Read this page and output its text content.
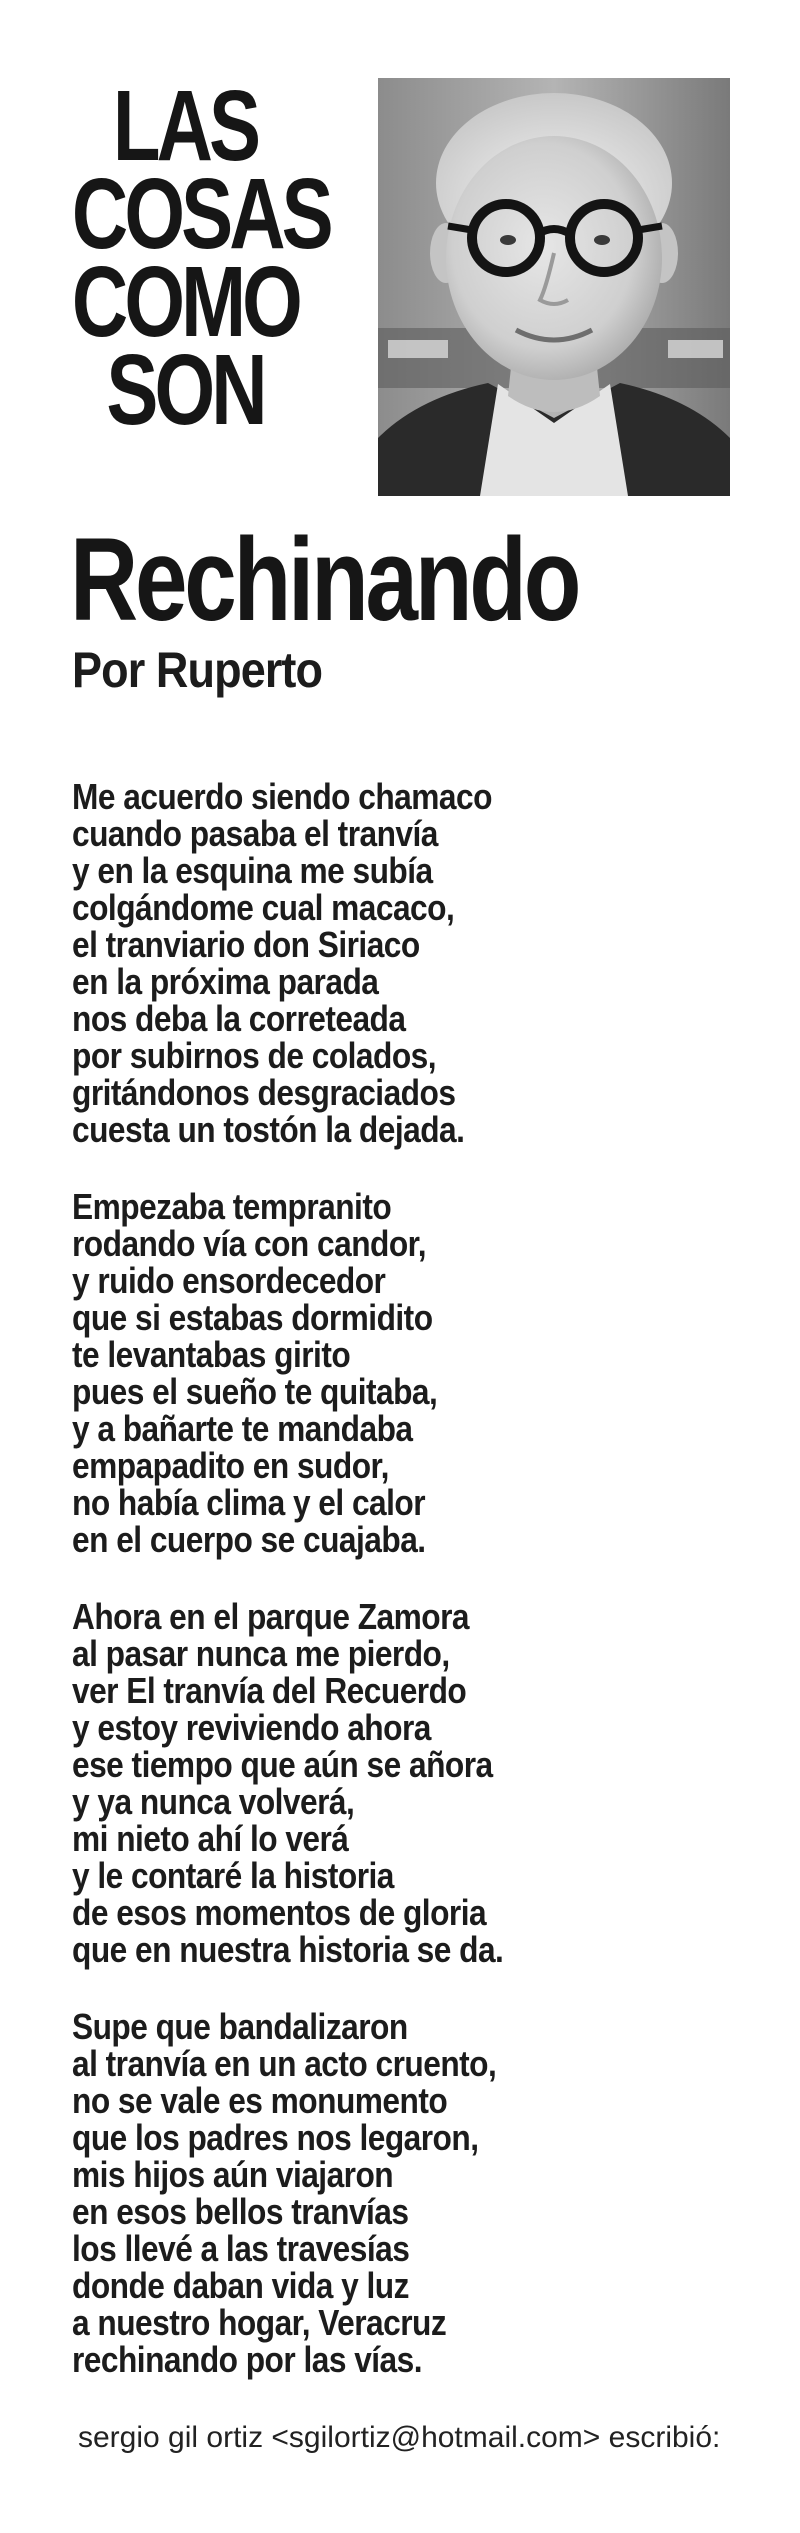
LAS
COSAS
COMO
SON
Rechinando
Por Ruperto
Me acuerdo siendo chamaco
cuando pasaba el tranvía
y en la esquina me subía
colgándome cual macaco,
el tranviario don Siriaco
en la próxima parada
nos deba la correteada
por subirnos de colados,
gritándonos desgraciados
cuesta un tostón la dejada.
Empezaba tempranito
rodando vía con candor,
y ruido ensordecedor
que si estabas dormidito
te levantabas girito
pues el sueño te quitaba,
y a bañarte te mandaba
empapadito en sudor,
no había clima y el calor
en el cuerpo se cuajaba.
Ahora en el parque Zamora
al pasar nunca me pierdo,
ver El tranvía del Recuerdo
y estoy reviviendo ahora
ese tiempo que aún se añora
y ya nunca volverá,
mi nieto ahí lo verá
y le contaré la historia
de esos momentos de gloria
que en nuestra historia se da.
Supe que bandalizaron
al tranvía en un acto cruento,
no se vale es monumento
que los padres nos legaron,
mis hijos aún viajaron
en esos bellos tranvías
los llevé a las travesías
donde daban vida y luz
a nuestro hogar, Veracruz
rechinando por las vías.

sergio gil ortiz <sgilortiz@hotmail.com> escribió:
